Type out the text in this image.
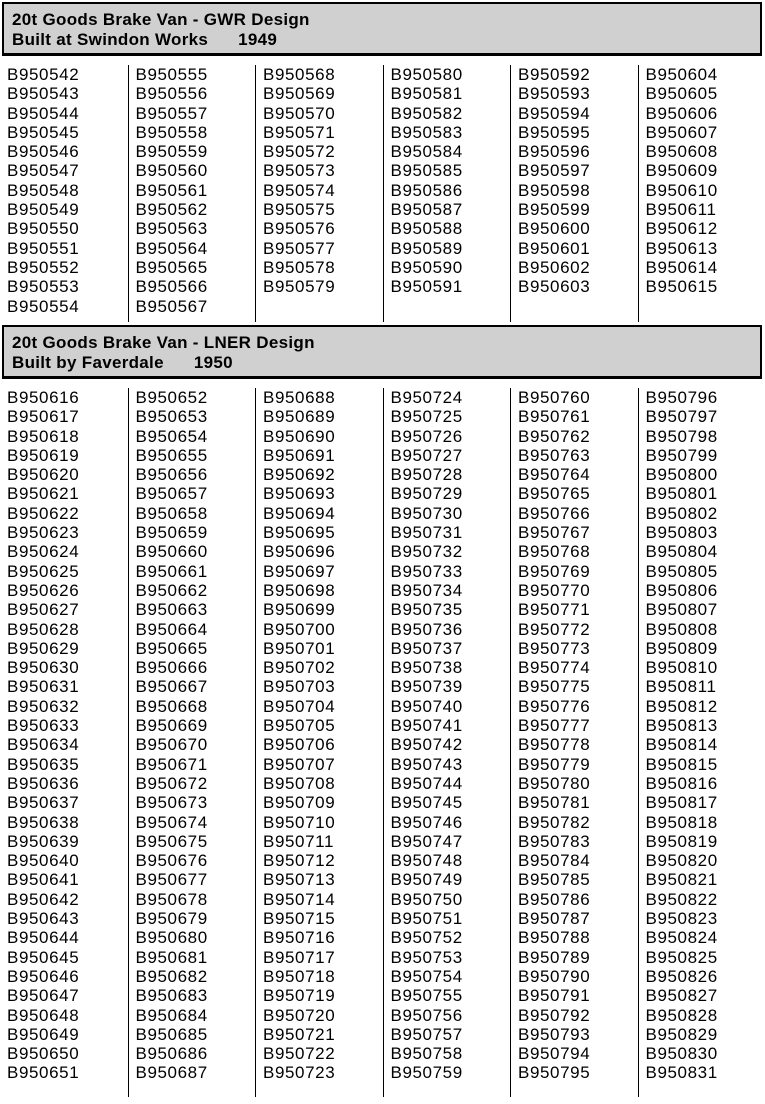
20t Goods Brake Van - GWR Design
Built at Swindon Works 1949
B950542
B950543
B950544
B950545
B950546
B950547
B950548
B950549
B950550
B950551
B950552
B950553
B950554
B950555
B950556
B950557
B950558
B950559
B950560
B950561
B950562
B950563
B950564
B950565
B950566
B950567
B950568
B950569
B950570
B950571
B950572
B950573
B950574
B950575
B950576
B950577
B950578
B950579
B950580
B950581
B950582
B950583
B950584
B950585
B950586
B950587
B950588
B950589
B950590
B950591
B950592
B950593
B950594
B950595
B950596
B950597
B950598
B950599
B950600
B950601
B950602
B950603
B950604
B950605
B950606
B950607
B950608
B950609
B950610
B950611
B950612
B950613
B950614
B950615
20t Goods Brake Van - LNER Design
Built by Faverdale 1950
B950616
B950617
B950618
B950619
B950620
B950621
B950622
B950623
B950624
B950625
B950626
B950627
B950628
B950629
B950630
B950631
B950632
B950633
B950634
B950635
B950636
B950637
B950638
B950639
B950640
B950641
B950642
B950643
B950644
B950645
B950646
B950647
B950648
B950649
B950650
B950651
B950652
B950653
B950654
B950655
B950656
B950657
B950658
B950659
B950660
B950661
B950662
B950663
B950664
B950665
B950666
B950667
B950668
B950669
B950670
B950671
B950672
B950673
B950674
B950675
B950676
B950677
B950678
B950679
B950680
B950681
B950682
B950683
B950684
B950685
B950686
B950687
B950688
B950689
B950690
B950691
B950692
B950693
B950694
B950695
B950696
B950697
B950698
B950699
B950700
B950701
B950702
B950703
B950704
B950705
B950706
B950707
B950708
B950709
B950710
B950711
B950712
B950713
B950714
B950715
B950716
B950717
B950718
B950719
B950720
B950721
B950722
B950723
B950724
B950725
B950726
B950727
B950728
B950729
B950730
B950731
B950732
B950733
B950734
B950735
B950736
B950737
B950738
B950739
B950740
B950741
B950742
B950743
B950744
B950745
B950746
B950747
B950748
B950749
B950750
B950751
B950752
B950753
B950754
B950755
B950756
B950757
B950758
B950759
B950760
B950761
B950762
B950763
B950764
B950765
B950766
B950767
B950768
B950769
B950770
B950771
B950772
B950773
B950774
B950775
B950776
B950777
B950778
B950779
B950780
B950781
B950782
B950783
B950784
B950785
B950786
B950787
B950788
B950789
B950790
B950791
B950792
B950793
B950794
B950795
B950796
B950797
B950798
B950799
B950800
B950801
B950802
B950803
B950804
B950805
B950806
B950807
B950808
B950809
B950810
B950811
B950812
B950813
B950814
B950815
B950816
B950817
B950818
B950819
B950820
B950821
B950822
B950823
B950824
B950825
B950826
B950827
B950828
B950829
B950830
B950831
